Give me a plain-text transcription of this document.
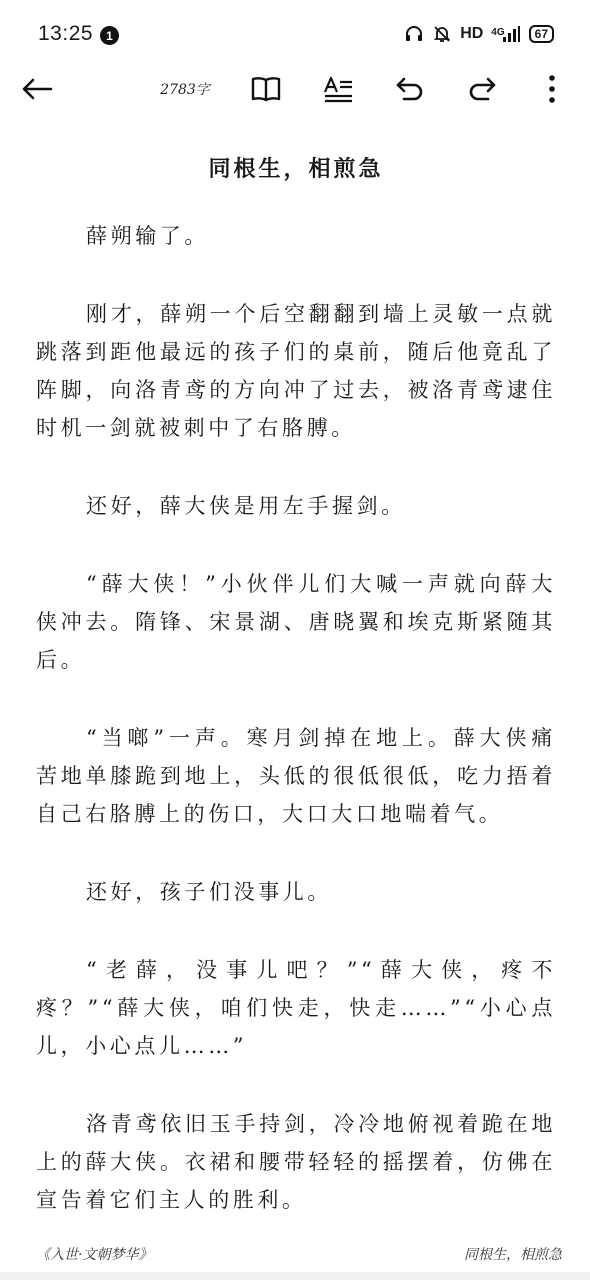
13:25	1	HD 4G	67
2783字
同根生，相煎急

薛朔输了。

刚才，薛朔一个后空翻翻到墙上灵敏一点就跳落到距他最远的孩子们的桌前，随后他竟乱了阵脚，向洛青鸢的方向冲了过去，被洛青鸢逮住时机一剑就被刺中了右胳膊。

还好，薛大侠是用左手握剑。

“薛大侠！”小伙伴儿们大喊一声就向薛大侠冲去。隋锋、宋景湖、唐晓翼和埃克斯紧随其后。

“当啷”一声。寒月剑掉在地上。薛大侠痛苦地单膝跪到地上，头低的很低很低，吃力捂着自己右胳膊上的伤口，大口大口地喘着气。

还好，孩子们没事儿。

“老薛，没事儿吧？”“薛大侠，疼不疼？”“薛大侠，咱们快走，快走……”“小心点儿，小心点儿……”

洛青鸢依旧玉手持剑，冷冷地俯视着跪在地上的薛大侠。衣裙和腰带轻轻的摇摆着，仿佛在宣告着它们主人的胜利。

《入世·文朝梦华》	同根生，相煎急
